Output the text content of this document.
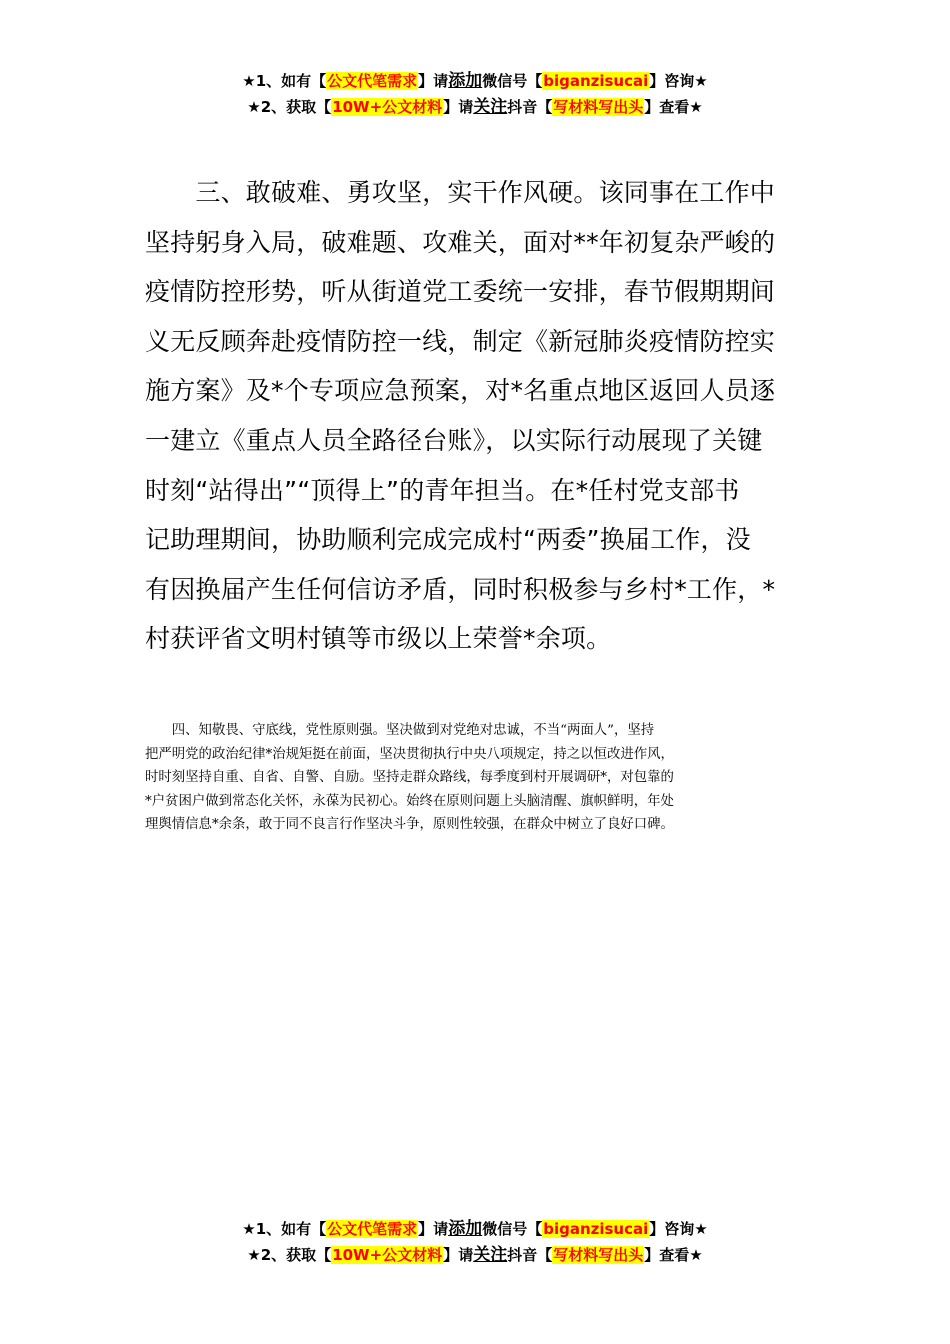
★1、如有【公文代笔需求】请添加微信号【biganzisucai】咨询★
★2、获取【10W+公文材料】请关注抖音【写材料写出头】查看★
　　三、敢破难、勇攻坚，实干作风硬。该同事在工作中
坚持躬身入局，破难题、攻难关，面对**年初复杂严峻的
疫情防控形势，听从街道党工委统一安排，春节假期期间
义无反顾奔赴疫情防控一线，制定《新冠肺炎疫情防控实
施方案》及*个专项应急预案，对*名重点地区返回人员逐
一建立《重点人员全路径台账》，以实际行动展现了关键
时刻“站得出”“顶得上”的青年担当。在*任村党支部书
记助理期间，协助顺利完成完成村“两委”换届工作，没
有因换届产生任何信访矛盾，同时积极参与乡村*工作，*
村获评省文明村镇等市级以上荣誉*余项。
　　四、知敬畏、守底线，党性原则强。坚决做到对党绝对忠诚，不当“两面人”，坚持
把严明党的政治纪律*治规矩挺在前面，坚决贯彻执行中央八项规定，持之以恒改进作风，
时时刻坚持自重、自省、自警、自励。坚持走群众路线，每季度到村开展调研*，对包靠的
*户贫困户做到常态化关怀，永葆为民初心。始终在原则问题上头脑清醒、旗帜鲜明，年处
理舆情信息*余条，敢于同不良言行作坚决斗争，原则性较强，在群众中树立了良好口碑。
★1、如有【公文代笔需求】请添加微信号【biganzisucai】咨询★
★2、获取【10W+公文材料】请关注抖音【写材料写出头】查看★
